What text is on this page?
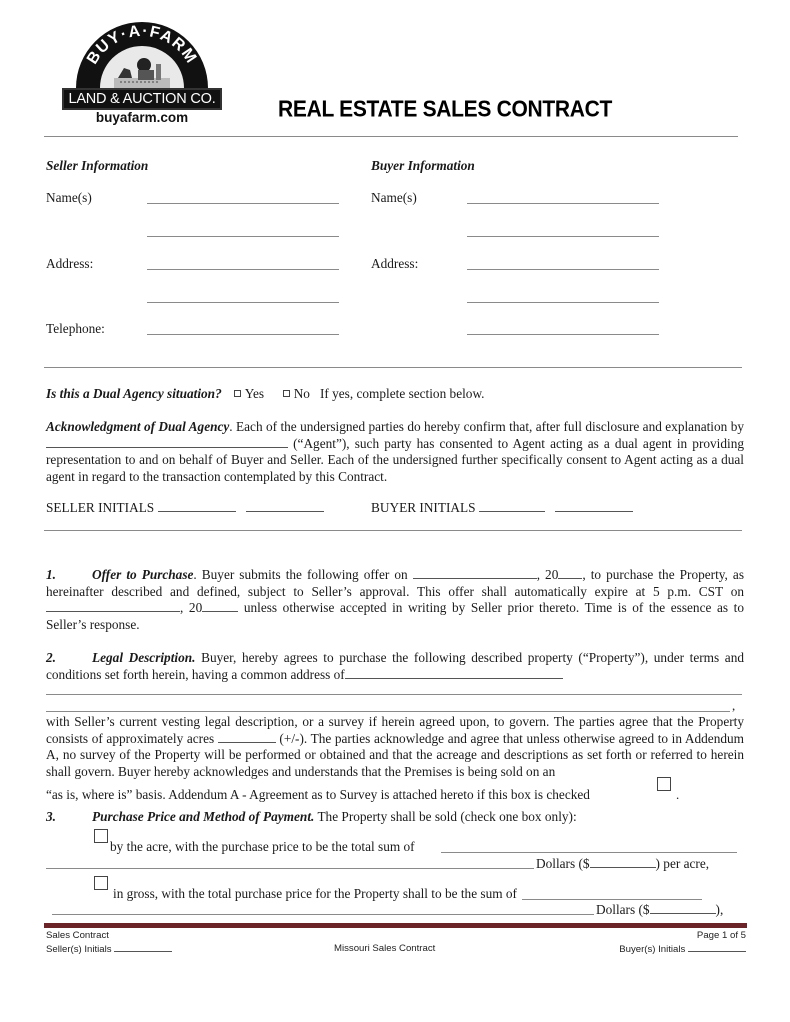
BUY·A·FARM
LAND & AUCTION CO.
buyafarm.com	REAL ESTATE SALES CONTRACT
Seller Information
Name(s)
Address:
Telephone:
Buyer Information
Name(s)
Address:
Is this a Dual Agency situation? Yes No If yes, complete section below.
Acknowledgment of Dual Agency. Each of the undersigned parties do hereby confirm that, after full disclosure and explanation by  (“Agent”), such party has consented to Agent acting as a dual agent in providing representation to and on behalf of Buyer and Seller. Each of the undersigned further specifically consent to Agent acting as a dual agent in regard to the transaction contemplated by this Contract.
SELLER INITIALS	BUYER INITIALS
1.	Offer to Purchase. Buyer submits the following offer on	, 20 , to purchase the Property, as hereinafter described and defined, subject to Seller’s approval. This offer shall automatically expire at 5 p.m. CST on , 20	unless otherwise accepted in writing by Seller prior thereto. Time is of the essence as to Seller’s response.
2.	Legal Description. Buyer, hereby agrees to purchase the following described property (“Property”), under terms and conditions set forth herein, having a common address of
,
with Seller’s current vesting legal description, or a survey if herein agreed upon, to govern. The parties agree that the Property consists of approximately acres	(+/-). The parties acknowledge and agree that unless otherwise agreed to in Addendum A, no survey of the Property will be performed or obtained and that the acreage and descriptions as set forth or referred to herein shall govern. Buyer hereby acknowledges and understands that the Premises is being sold on an
“as is, where is” basis. Addendum A - Agreement as to Survey is attached hereto if this box is checked	.
3.	Purchase Price and Method of Payment. The Property shall be sold (check one box only):
by the acre, with the purchase price to be the total sum of
Dollars ($	) per acre,
in gross, with the total purchase price for the Property shall to be the sum of
Dollars ($	),
Sales Contract
Seller(s) Initials	Missouri Sales Contract
Page 1 of 5
Buyer(s) Initials
